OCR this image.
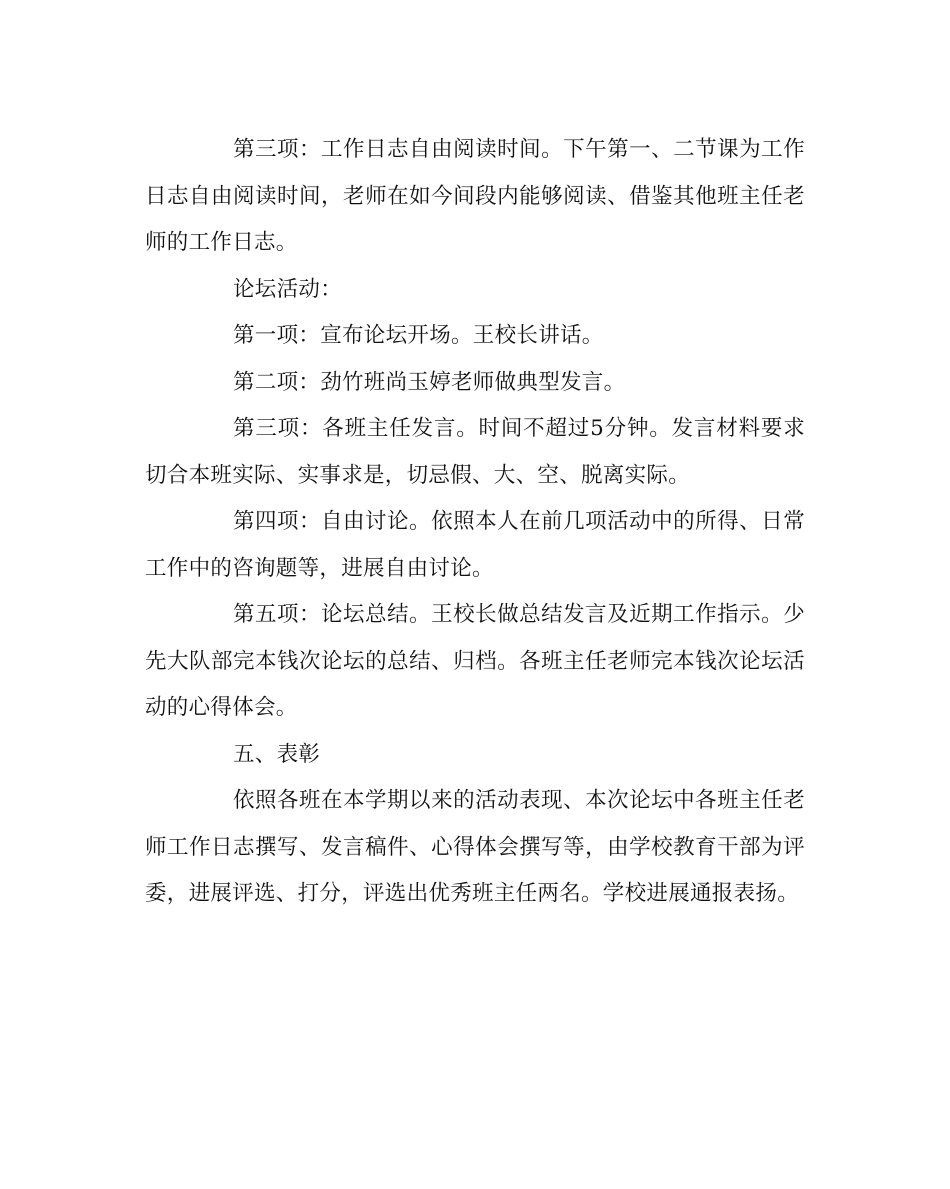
第三项：工作日志自由阅读时间。下午第一、二节课为工作日志自由阅读时间，老师在如今间段内能够阅读、借鉴其他班主任老师的工作日志。

论坛活动：

第一项：宣布论坛开场。王校长讲话。

第二项：劲竹班尚玉婷老师做典型发言。

第三项：各班主任发言。时间不超过5分钟。发言材料要求切合本班实际、实事求是，切忌假、大、空、脱离实际。

第四项：自由讨论。依照本人在前几项活动中的所得、日常工作中的咨询题等，进展自由讨论。

第五项：论坛总结。王校长做总结发言及近期工作指示。少先大队部完本钱次论坛的总结、归档。各班主任老师完本钱次论坛活动的心得体会。

五、表彰

依照各班在本学期以来的活动表现、本次论坛中各班主任老师工作日志撰写、发言稿件、心得体会撰写等，由学校教育干部为评委，进展评选、打分，评选出优秀班主任两名。学校进展通报表扬。
